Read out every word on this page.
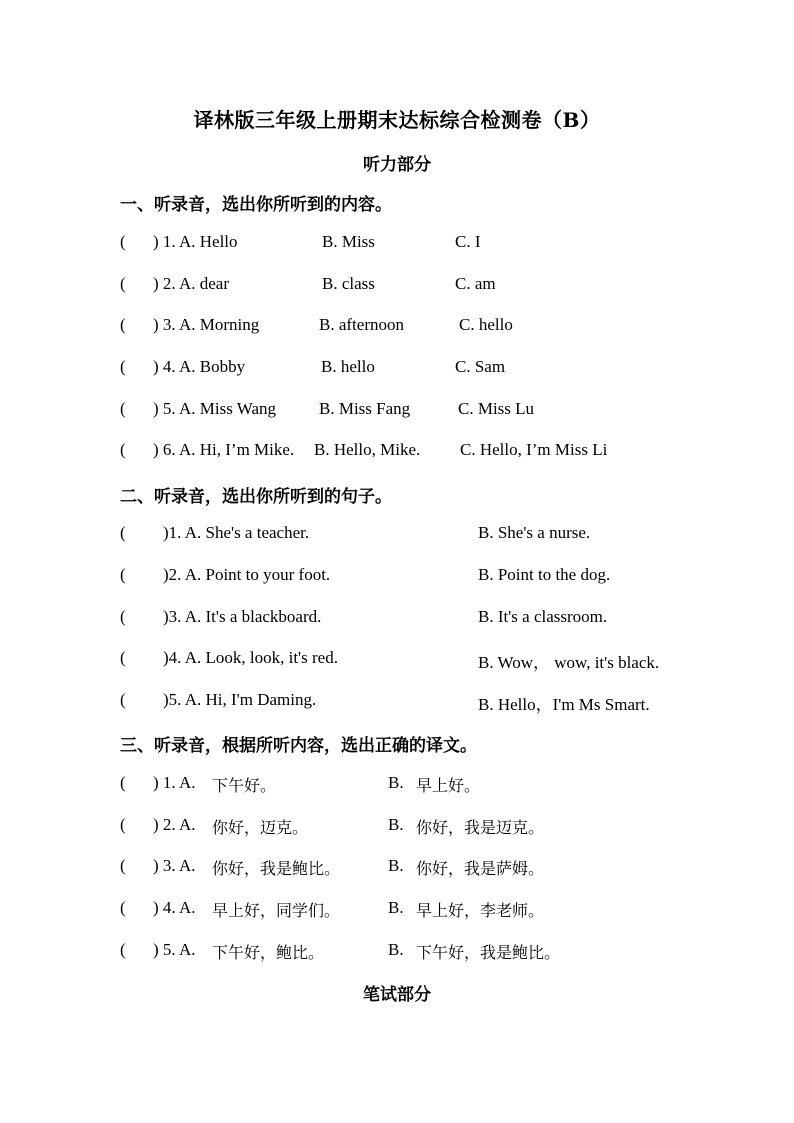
译林版三年级上册期末达标综合检测卷（B）
听力部分
一、听录音，选出你所听到的内容。
( ) 1. A. Hello	B. Miss	C. I
( ) 2. A. dear	B. class	C. am
( ) 3. A. Morning	B. afternoon	C. hello
( ) 4. A. Bobby	B. hello	C. Sam
( ) 5. A. Miss Wang	B. Miss Fang	C. Miss Lu
( ) 6. A. Hi, I’m Mike. B. Hello, Mike. C. Hello, I’m Miss Li
二、听录音，选出你所听到的句子。
( )1. A. She's a teacher.	B. She's a nurse.
( )2. A. Point to your foot.	B. Point to the dog.
( )3. A. It's a blackboard.	B. It's a classroom.
( )4. A. Look, look, it's red.	B. Wow， wow, it's black.
( )5. A. Hi, I'm Daming.	B. Hello，I'm Ms Smart.
三、听录音，根据所听内容，选出正确的译文。
( ) 1. A. 下午好。	B. 早上好。
( ) 2. A. 你好，迈克。	B. 你好，我是迈克。
( ) 3. A. 你好，我是鲍比。	B. 你好，我是萨姆。
( ) 4. A. 早上好，同学们。	B. 早上好，李老师。
( ) 5. A. 下午好，鲍比。	B. 下午好，我是鲍比。
笔试部分
